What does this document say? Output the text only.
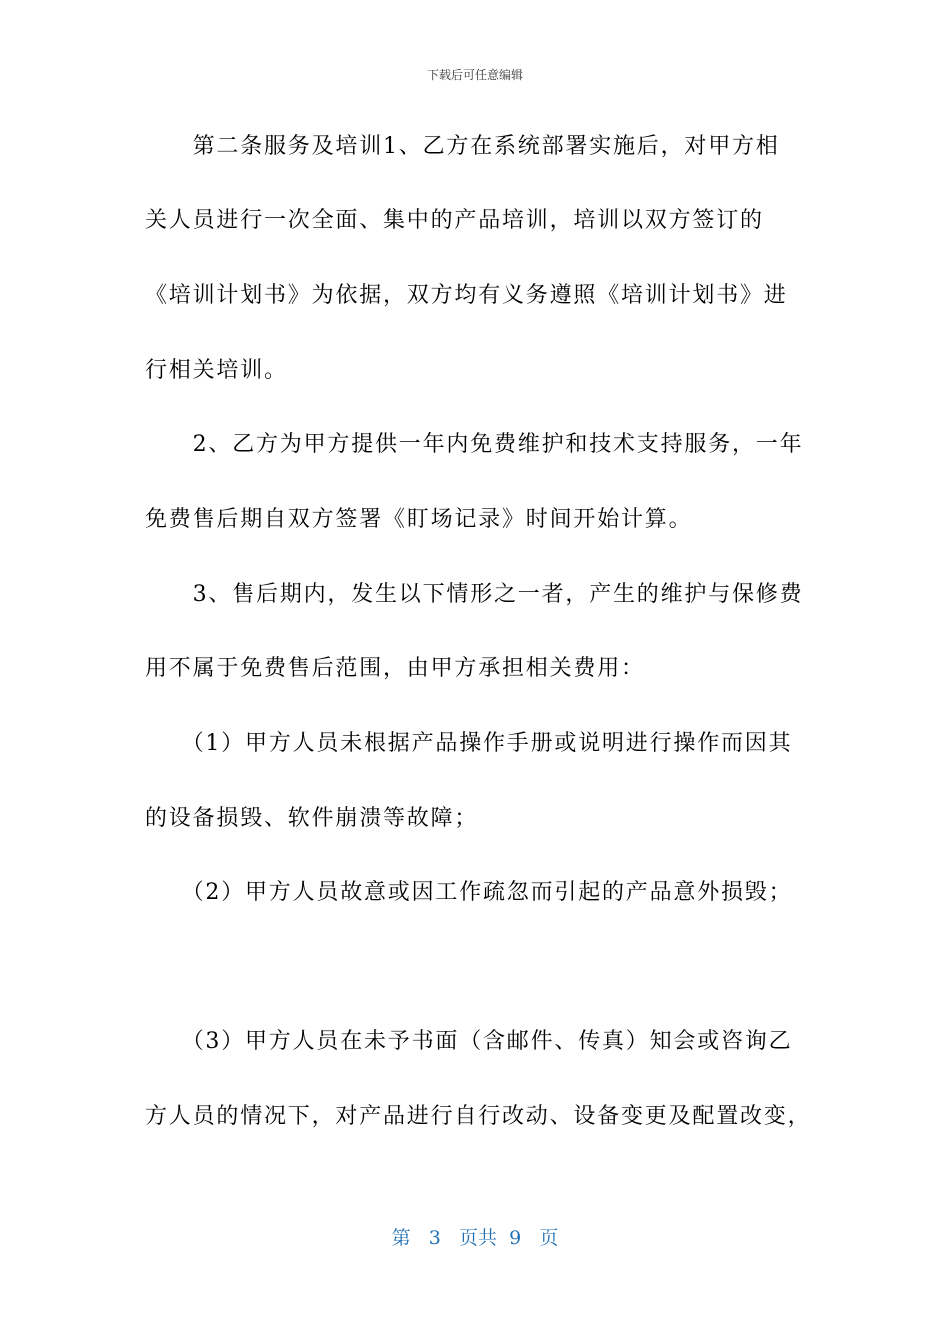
下载后可任意编辑
　　第二条服务及培训1、乙方在系统部署实施后，对甲方相
关人员进行一次全面、集中的产品培训，培训以双方签订的
《培训计划书》为依据，双方均有义务遵照《培训计划书》进
行相关培训。
　　2、乙方为甲方提供一年内免费维护和技术支持服务，一年
免费售后期自双方签署《盯场记录》时间开始计算。
　　3、售后期内，发生以下情形之一者，产生的维护与保修费
用不属于免费售后范围，由甲方承担相关费用：
　　（1）甲方人员未根据产品操作手册或说明进行操作而因其
的设备损毁、软件崩溃等故障；
　　（2）甲方人员故意或因工作疏忽而引起的产品意外损毁；
　　（3）甲方人员在未予书面（含邮件、传真）知会或咨询乙
方人员的情况下，对产品进行自行改动、设备变更及配置改变，
第 3 页共 9 页
